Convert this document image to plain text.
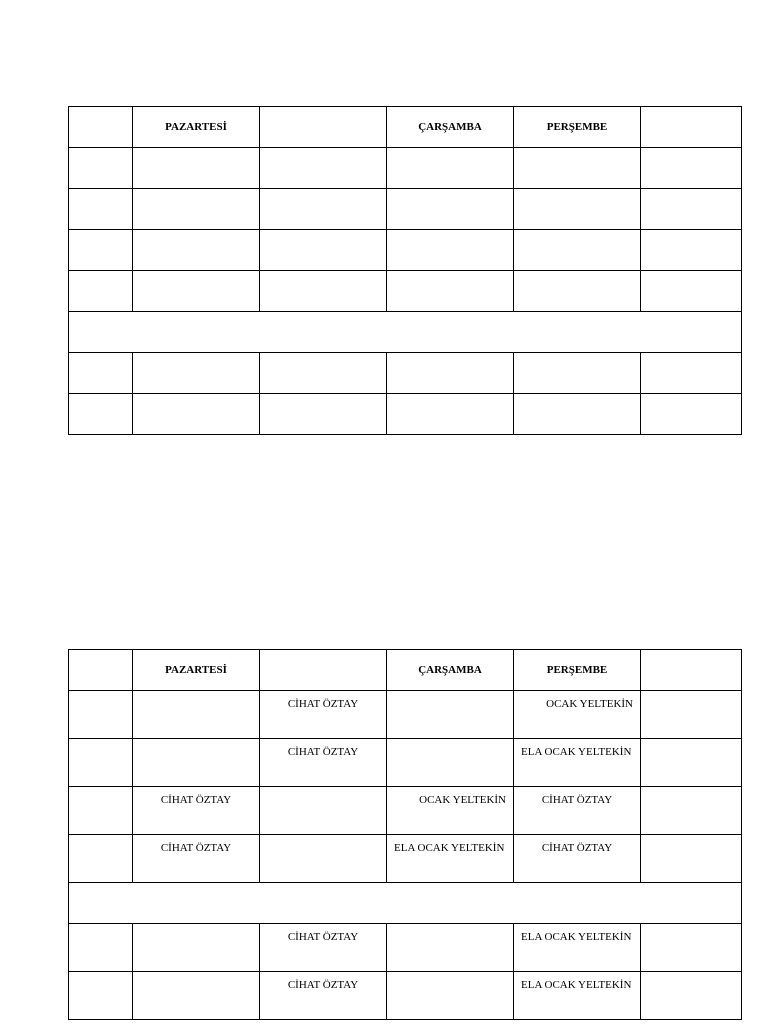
	PAZARTESİ		ÇARŞAMBA	PERŞEMBE	

	PAZARTESİ		ÇARŞAMBA	PERŞEMBE	
		CİHAT ÖZTAY		OCAK YELTEKİN	
		CİHAT ÖZTAY		ELA OCAK YELTEKİN	
	CİHAT ÖZTAY		OCAK YELTEKİN	CİHAT ÖZTAY	
	CİHAT ÖZTAY		ELA OCAK YELTEKİN	CİHAT ÖZTAY	

		CİHAT ÖZTAY		ELA OCAK YELTEKİN	
		CİHAT ÖZTAY		ELA OCAK YELTEKİN	
